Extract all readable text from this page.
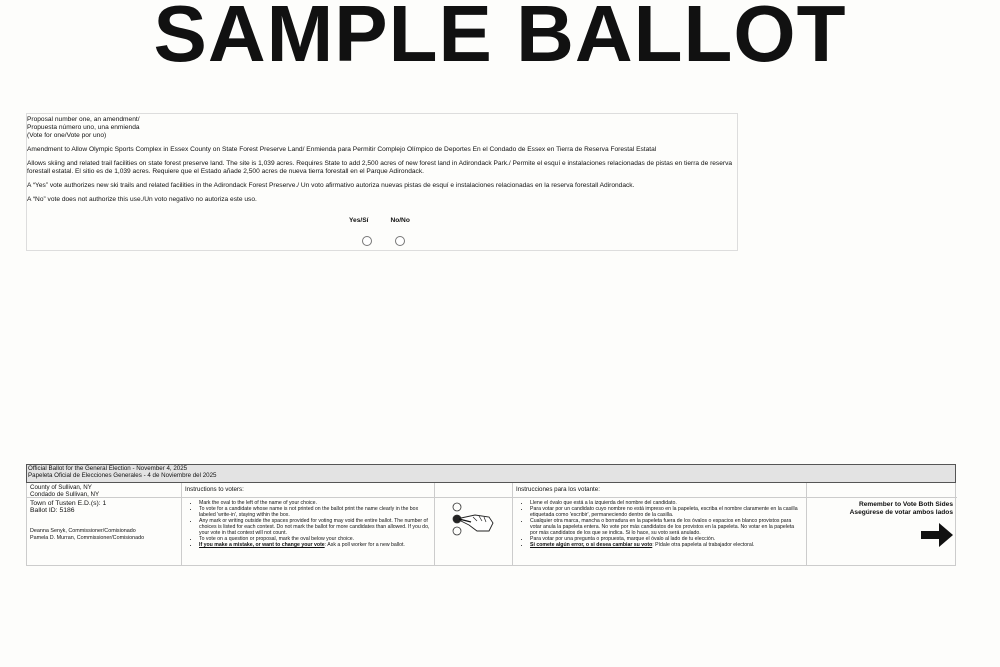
SAMPLE BALLOT
Proposal number one, an amendment/
Propuesta número uno, una enmienda
(Vote for one/Vote por uno)
Amendment to Allow Olympic Sports Complex in Essex County on State Forest Preserve Land/ Enmienda para Permitir Complejo Olímpico de Deportes En el Condado de Essex en Tierra de Reserva Forestal Estatal
Allows skiing and related trail facilities on state forest preserve land. The site is 1,039 acres. Requires State to add 2,500 acres of new forest land in Adirondack Park./ Permite el esquí e instalaciones relacionadas de pistas en tierra de reserva forestall estatal. El sitio es de 1,039 acres. Requiere que el Estado añade 2,500 acres de nueva tierra forestall en el Parque Adirondack.
A “Yes” vote authorizes new ski trails and related facilities in the Adirondack Forest Preserve./ Un voto afirmativo autoriza nuevas pistas de esquí e instalaciones relacionadas en la reserva forestall Adirondack.
A “No” vote does not authorize this use./Un voto negativo no autoriza este uso.
Yes/Sí	No/No
Official Ballot for the General Election - November 4, 2025
Papeleta Oficial de Elecciones Generales - 4 de Noviembre del 2025
County of Sullivan, NY
Condado de Sullivan, NY
Town of Tusten E.D.(s): 1
Ballot ID: 5186
Deanna Senyk, Commissioner/Comisionado
Pamela D. Murran, Commissioner/Comisionado
Instructions to voters:
• Mark the oval to the left of the name of your choice.
• To vote for a candidate whose name is not printed on the ballot print the name clearly in the box labeled 'write-in', staying within the box.
• Any mark or writing outside the spaces provided for voting may void the entire ballot. The number of choices is listed for each contest. Do not mark the ballot for more candidates than allowed. If you do, your vote in that contest will not count.
• To vote on a question or proposal, mark the oval below your choice.
• If you make a mistake, or want to change your vote: Ask a poll worker for a new ballot.
Instrucciones para los votante:
• Llene el óvalo que está a la izquierda del nombre del candidato.
• Para votar por un candidato cuyo nombre no está impreso en la papeleta, escriba el nombre claramente en la casilla etiquetada como 'escribir', permaneciendo dentro de la casilla.
• Cualquier otra marca, mancha o borradura en la papeleta fuera de los óvalos o espacios en blanco provistos para votar anula la papeleta entera. No vote por más candidatos de los provistos en la papeleta. No votar en la papeleta por más candidatos de los que se indica. Si lo hace, su voto será anulado.
• Para votar por una pregunta o propuesta, marque el óvalo al lado de tu elección.
• Si comete algún error, o si desea cambiar su voto: Pídale otra papeleta al trabajador electoral.
Remember to Vote Both Sides
Asegúrese de votar ambos lados
